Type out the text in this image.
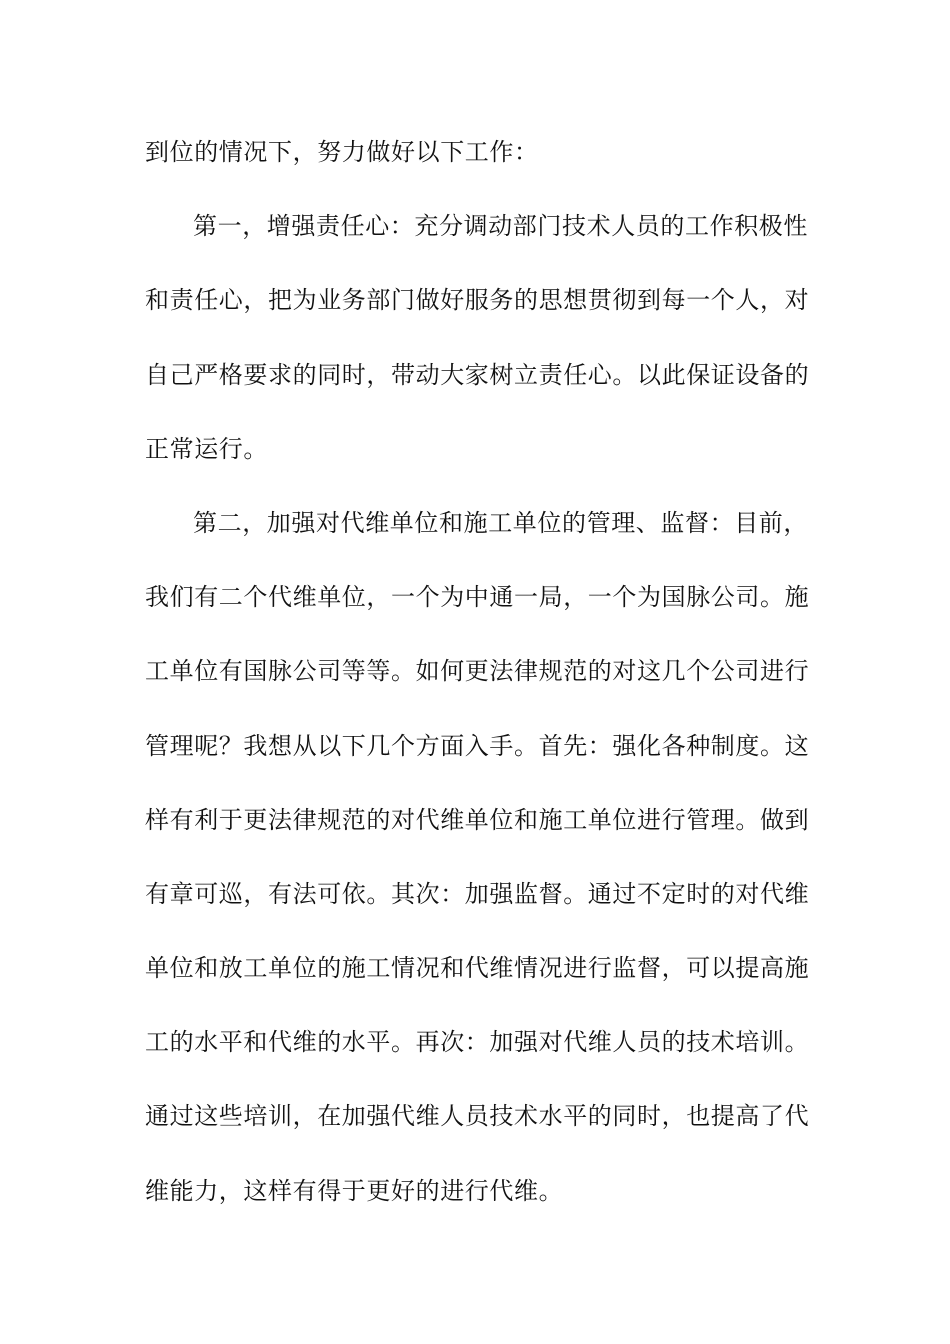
到位的情况下，努力做好以下工作：
第一，增强责任心：充分调动部门技术人员的工作积极性
和责任心，把为业务部门做好服务的思想贯彻到每一个人，对
自己严格要求的同时，带动大家树立责任心。以此保证设备的
正常运行。
第二，加强对代维单位和施工单位的管理、监督：目前，
我们有二个代维单位，一个为中通一局，一个为国脉公司。施
工单位有国脉公司等等。如何更法律规范的对这几个公司进行
管理呢？我想从以下几个方面入手。首先：强化各种制度。这
样有利于更法律规范的对代维单位和施工单位进行管理。做到
有章可巡，有法可依。其次：加强监督。通过不定时的对代维
单位和放工单位的施工情况和代维情况进行监督，可以提高施
工的水平和代维的水平。再次：加强对代维人员的技术培训。
通过这些培训，在加强代维人员技术水平的同时，也提高了代
维能力，这样有得于更好的进行代维。
